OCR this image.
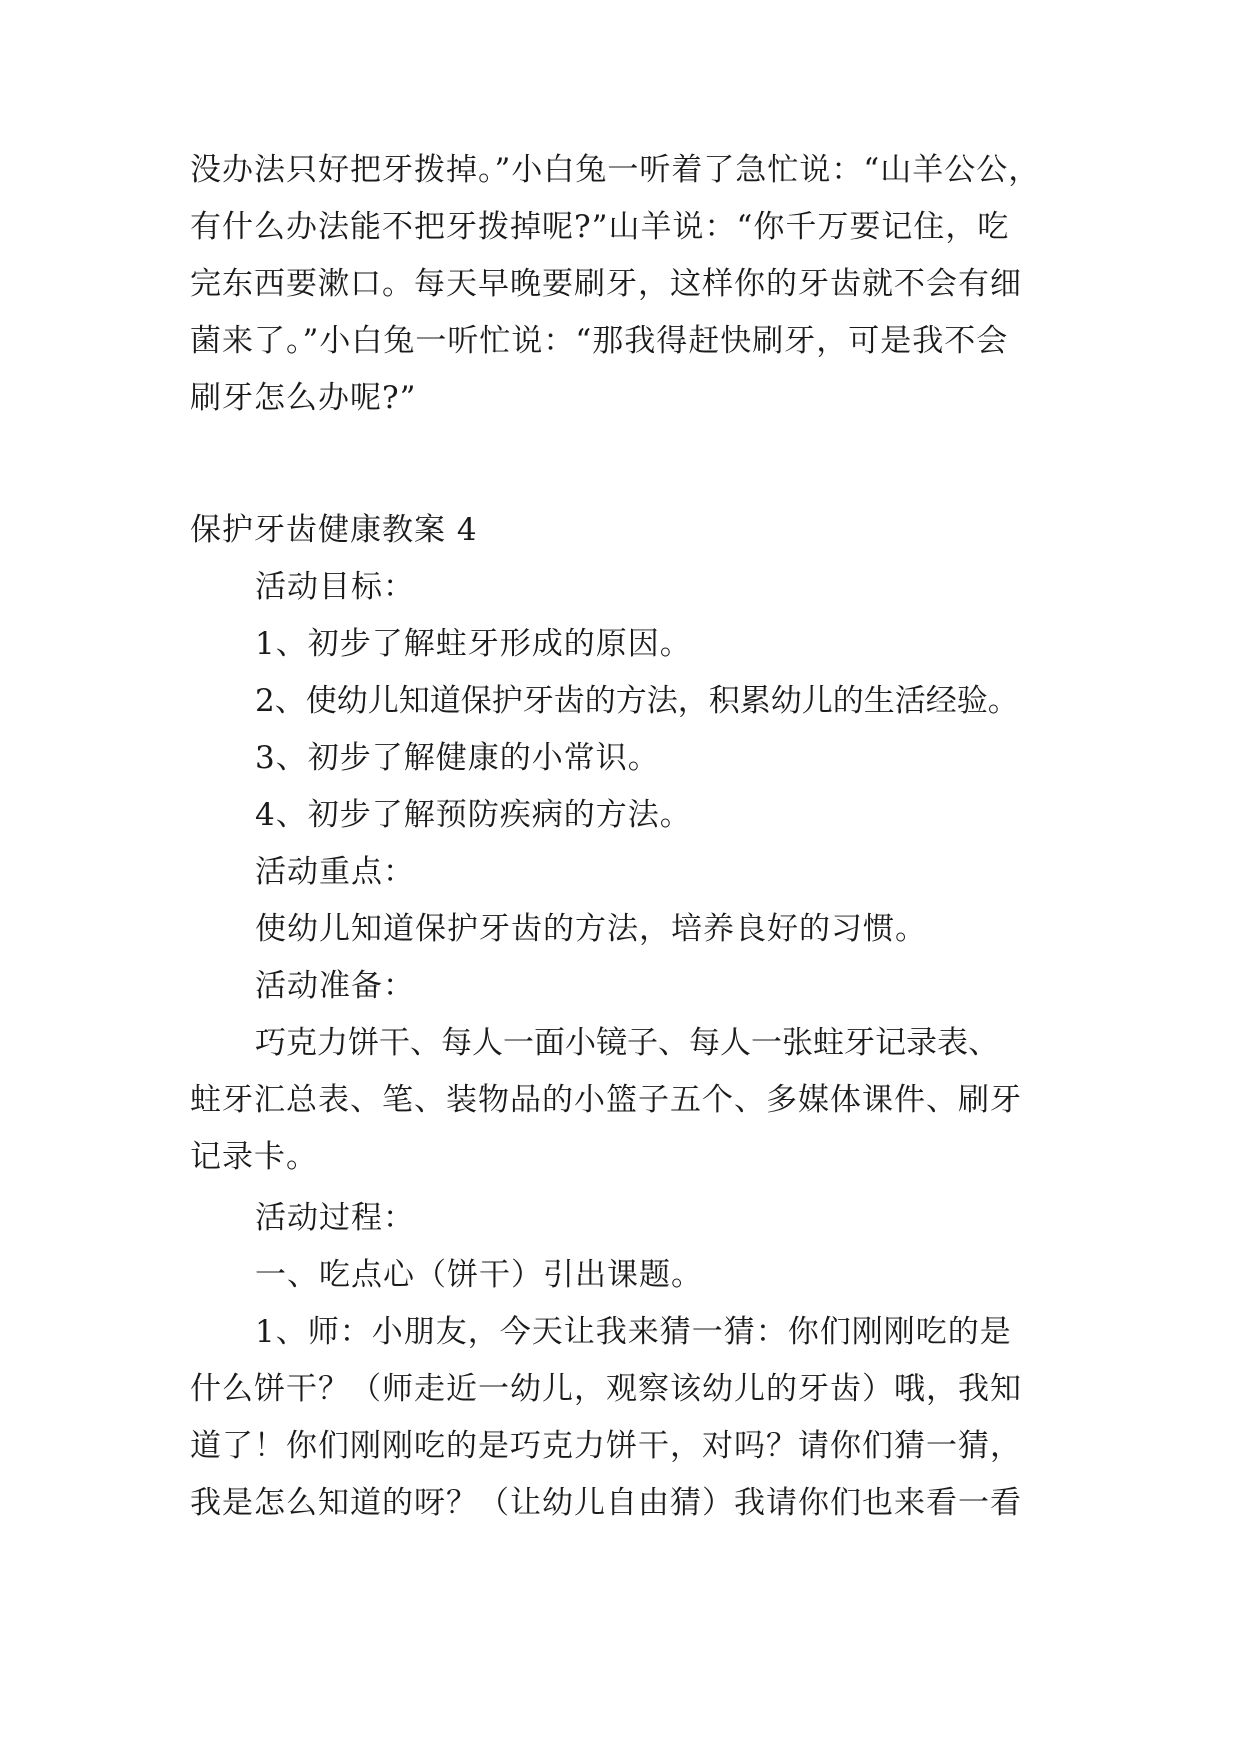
没办法只好把牙拨掉。”小白兔一听着了急忙说：“山羊公公，
有什么办法能不把牙拨掉呢?”山羊说：“你千万要记住，吃
完东西要漱口。每天早晚要刷牙，这样你的牙齿就不会有细
菌来了。”小白兔一听忙说：“那我得赶快刷牙，可是我不会
刷牙怎么办呢?”
保护牙齿健康教案 4
活动目标：
1、初步了解蛀牙形成的原因。
2、使幼儿知道保护牙齿的方法，积累幼儿的生活经验。
3、初步了解健康的小常识。
4、初步了解预防疾病的方法。
活动重点：
使幼儿知道保护牙齿的方法，培养良好的习惯。
活动准备：
巧克力饼干、每人一面小镜子、每人一张蛀牙记录表、
蛀牙汇总表、笔、装物品的小篮子五个、多媒体课件、刷牙
记录卡。
活动过程：
一、吃点心（饼干）引出课题。
1、师：小朋友，今天让我来猜一猜：你们刚刚吃的是
什么饼干？（师走近一幼儿，观察该幼儿的牙齿）哦，我知
道了！你们刚刚吃的是巧克力饼干，对吗？请你们猜一猜，
我是怎么知道的呀？（让幼儿自由猜）我请你们也来看一看
